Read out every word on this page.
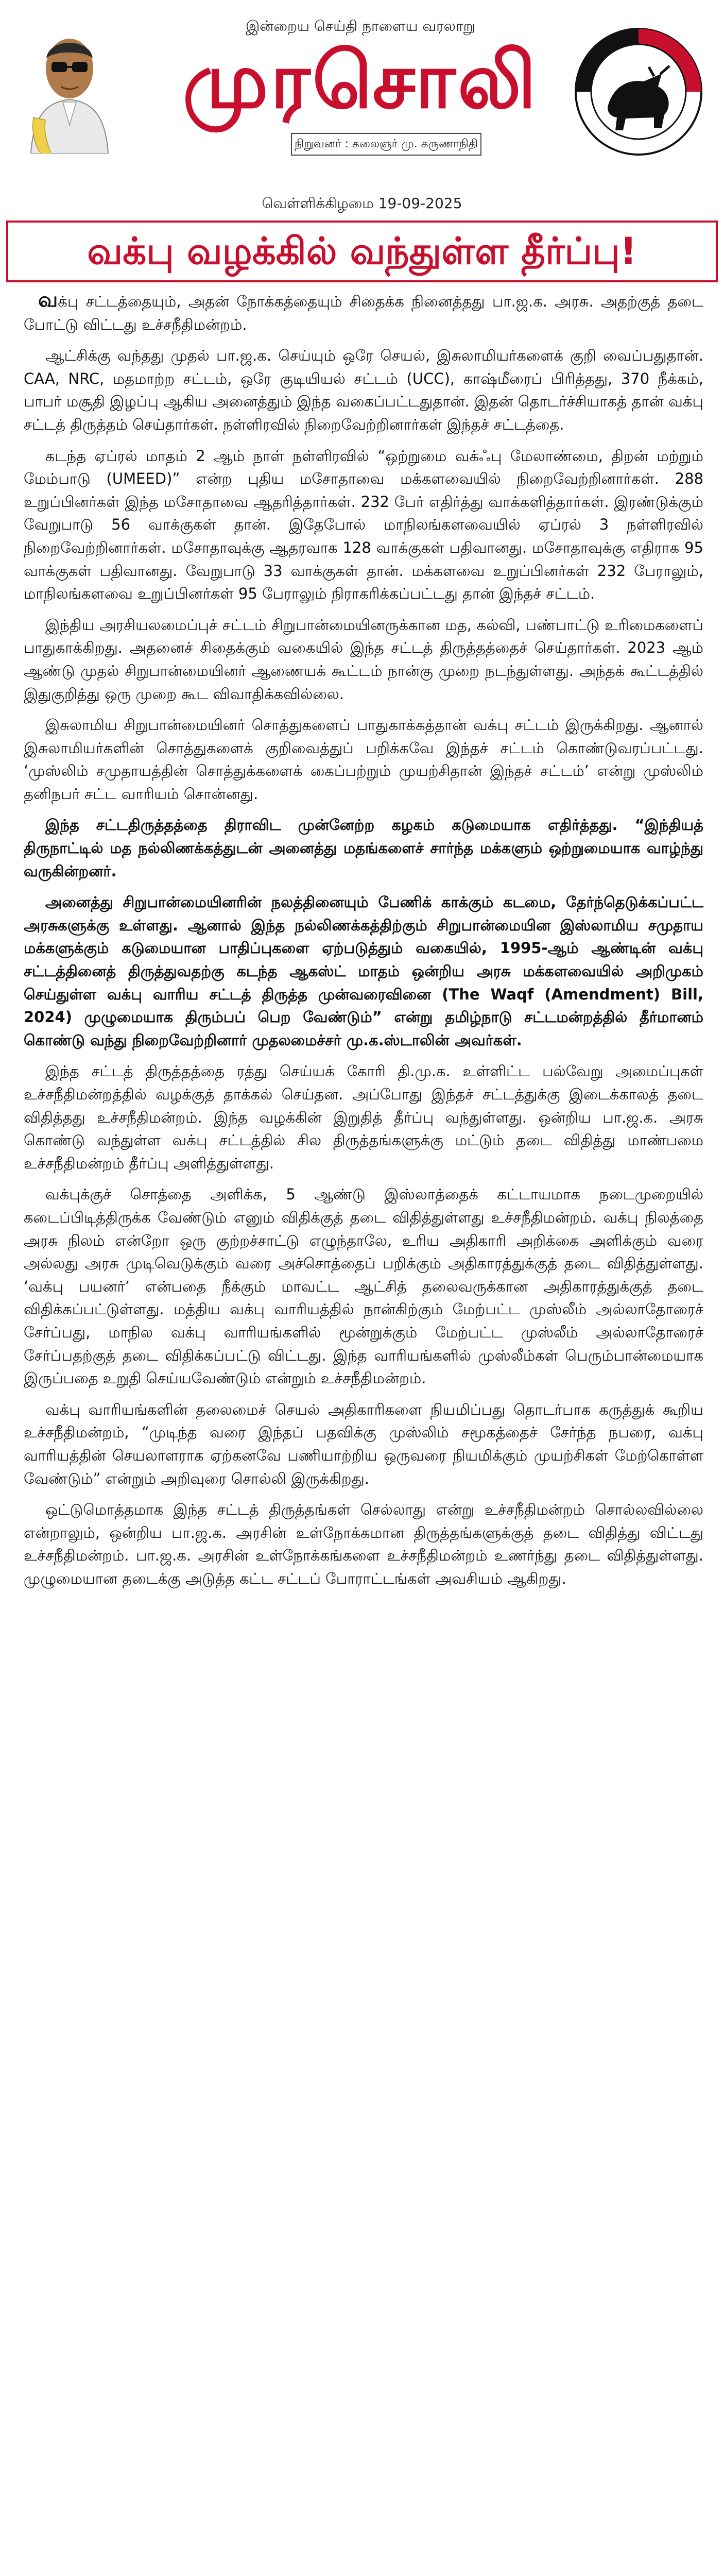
இன்றைய செய்தி நாளைய வரலாறு
முரசொலி
நிறுவனர் : கலைஞர் மு. கருணாநிதி
வெள்ளிக்கிழமை 19-09-2025
வக்பு வழக்கில் வந்துள்ள தீர்ப்பு!

வக்பு சட்டத்தையும், அதன் நோக்கத்தையும் சிதைக்க நினைத்தது பா.ஜ.க. அரசு. அதற்குத் தடை போட்டு விட்டது உச்சநீதிமன்றம்.

ஆட்சிக்கு வந்தது முதல் பா.ஜ.க. செய்யும் ஒரே செயல், இசுலாமியர்களைக் குறி வைப்பதுதான். CAA, NRC, மதமாற்ற சட்டம், ஒரே குடியியல் சட்டம் (UCC), காஷ்மீரைப் பிரித்தது, 370 நீக்கம், பாபர் மசூதி இழப்பு ஆகிய அனைத்தும் இந்த வகைப்பட்டதுதான். இதன் தொடர்ச்சியாகத் தான் வக்பு சட்டத் திருத்தம் செய்தார்கள். நள்ளிரவில் நிறைவேற்றினார்கள் இந்தச் சட்டத்தை.

கடந்த ஏப்ரல் மாதம் 2 ஆம் நாள் நள்ளிரவில் “ஒற்றுமை வக்ஃபு மேலாண்மை, திறன் மற்றும் மேம்பாடு (UMEED)” என்ற புதிய மசோதாவை மக்களவையில் நிறைவேற்றினார்கள். 288 உறுப்பினர்கள் இந்த மசோதாவை ஆதரித்தார்கள். 232 பேர் எதிர்த்து வாக்களித்தார்கள். இரண்டுக்கும் வேறுபாடு 56 வாக்குகள் தான். இதேபோல் மாநிலங்களவையில் ஏப்ரல் 3 நள்ளிரவில் நிறைவேற்றினார்கள். மசோதாவுக்கு ஆதரவாக 128 வாக்குகள் பதிவானது. மசோதாவுக்கு எதிராக 95 வாக்குகள் பதிவானது. வேறுபாடு 33 வாக்குகள் தான். மக்களவை உறுப்பினர்கள் 232 பேராலும், மாநிலங்களவை உறுப்பினர்கள் 95 பேராலும் நிராகரிக்கப்பட்டது தான் இந்தச் சட்டம்.

இந்திய அரசியலமைப்புச் சட்டம் சிறுபான்மையினருக்கான மத, கல்வி, பண்பாட்டு உரிமைகளைப் பாதுகாக்கிறது. அதனைச் சிதைக்கும் வகையில் இந்த சட்டத் திருத்தத்தைச் செய்தார்கள். 2023 ஆம் ஆண்டு முதல் சிறுபான்மையினர் ஆணையக் கூட்டம் நான்கு முறை நடந்துள்ளது. அந்தக் கூட்டத்தில் இதுகுறித்து ஒரு முறை கூட விவாதிக்கவில்லை.

இசுலாமிய சிறுபான்மையினர் சொத்துகளைப் பாதுகாக்கத்தான் வக்பு சட்டம் இருக்கிறது. ஆனால் இசுலாமியர்களின் சொத்துகளைக் குறிவைத்துப் பறிக்கவே இந்தச் சட்டம் கொண்டுவரப்பட்டது. ‘முஸ்லிம் சமுதாயத்தின் சொத்துக்களைக் கைப்பற்றும் முயற்சிதான் இந்தச் சட்டம்’ என்று முஸ்லிம் தனிநபர் சட்ட வாரியம் சொன்னது.

இந்த சட்டதிருத்தத்தை திராவிட முன்னேற்ற கழகம் கடுமையாக எதிர்த்தது. “இந்தியத் திருநாட்டில் மத நல்லிணக்கத்துடன் அனைத்து மதங்களைச் சார்ந்த மக்களும் ஒற்றுமையாக வாழ்ந்து வருகின்றனர்.

அனைத்து சிறுபான்மையினரின் நலத்தினையும் பேணிக் காக்கும் கடமை, தேர்ந்தெடுக்கப்பட்ட அரசுகளுக்கு உள்ளது. ஆனால் இந்த நல்லிணக்கத்திற்கும் சிறுபான்மையின இஸ்லாமிய சமுதாய மக்களுக்கும் கடுமையான பாதிப்புகளை ஏற்படுத்தும் வகையில், 1995-ஆம் ஆண்டின் வக்பு சட்டத்தினைத் திருத்துவதற்கு கடந்த ஆகஸ்ட் மாதம் ஒன்றிய அரசு மக்களவையில் அறிமுகம் செய்துள்ள வக்பு வாரிய சட்டத் திருத்த முன்வரைவினை (The Waqf (Amendment) Bill, 2024) முழுமையாக திரும்பப் பெற வேண்டும்” என்று தமிழ்நாடு சட்டமன்றத்தில் தீர்மானம் கொண்டு வந்து நிறைவேற்றினார் முதலமைச்சர் மு.க.ஸ்டாலின் அவர்கள்.

இந்த சட்டத் திருத்தத்தை ரத்து செய்யக் கோரி தி.மு.க. உள்ளிட்ட பல்வேறு அமைப்புகள் உச்சநீதிமன்றத்தில் வழக்குத் தாக்கல் செய்தன. அப்போது இந்தச் சட்டத்துக்கு இடைக்காலத் தடை விதித்தது உச்சநீதிமன்றம். இந்த வழக்கின் இறுதித் தீர்ப்பு வந்துள்ளது. ஒன்றிய பா.ஜ.க. அரசு கொண்டு வந்துள்ள வக்பு சட்டத்தில் சில திருத்தங்களுக்கு மட்டும் தடை விதித்து மாண்பமை உச்சநீதிமன்றம் தீர்ப்பு அளித்துள்ளது.

வக்புக்குச் சொத்தை அளிக்க, 5 ஆண்டு இஸ்லாத்தைக் கட்டாயமாக நடைமுறையில் கடைப்பிடித்திருக்க வேண்டும் எனும் விதிக்குத் தடை விதித்துள்ளது உச்சநீதிமன்றம். வக்பு நிலத்தை அரசு நிலம் என்றோ ஒரு குற்றச்சாட்டு எழுந்தாலே, உரிய அதிகாரி அறிக்கை அளிக்கும் வரை அல்லது அரசு முடிவெடுக்கும் வரை அச்சொத்தைப் பறிக்கும் அதிகாரத்துக்குத் தடை விதித்துள்ளது. ‘வக்பு பயனர்’ என்பதை நீக்கும் மாவட்ட ஆட்சித் தலைவருக்கான அதிகாரத்துக்குத் தடை விதிக்கப்பட்டுள்ளது. மத்திய வக்பு வாரியத்தில் நான்கிற்கும் மேற்பட்ட முஸ்லீம் அல்லாதோரைச் சேர்ப்பது, மாநில வக்பு வாரியங்களில் மூன்றுக்கும் மேற்பட்ட முஸ்லீம் அல்லாதோரைச் சேர்ப்பதற்குத் தடை விதிக்கப்பட்டு விட்டது. இந்த வாரியங்களில் முஸ்லீம்கள் பெரும்பான்மையாக இருப்பதை உறுதி செய்யவேண்டும் என்றும் உச்சநீதிமன்றம்.

வக்பு வாரியங்களின் தலைமைச் செயல் அதிகாரிகளை நியமிப்பது தொடர்பாக கருத்துக் கூறிய உச்சநீதிமன்றம், “முடிந்த வரை இந்தப் பதவிக்கு முஸ்லிம் சமூகத்தைச் சேர்ந்த நபரை, வக்பு வாரியத்தின் செயலாளராக ஏற்கனவே பணியாற்றிய ஒருவரை நியமிக்கும் முயற்சிகள் மேற்கொள்ள வேண்டும்” என்றும் அறிவுரை சொல்லி இருக்கிறது.

ஒட்டுமொத்தமாக இந்த சட்டத் திருத்தங்கள் செல்லாது என்று உச்சநீதிமன்றம் சொல்லவில்லை என்றாலும், ஒன்றிய பா.ஜ.க. அரசின் உள்நோக்கமான திருத்தங்களுக்குத் தடை விதித்து விட்டது உச்சநீதிமன்றம். பா.ஜ.க. அரசின் உள்நோக்கங்களை உச்சநீதிமன்றம் உணர்ந்து தடை விதித்துள்ளது. முழுமையான தடைக்கு அடுத்த கட்ட சட்டப் போராட்டங்கள் அவசியம் ஆகிறது.
